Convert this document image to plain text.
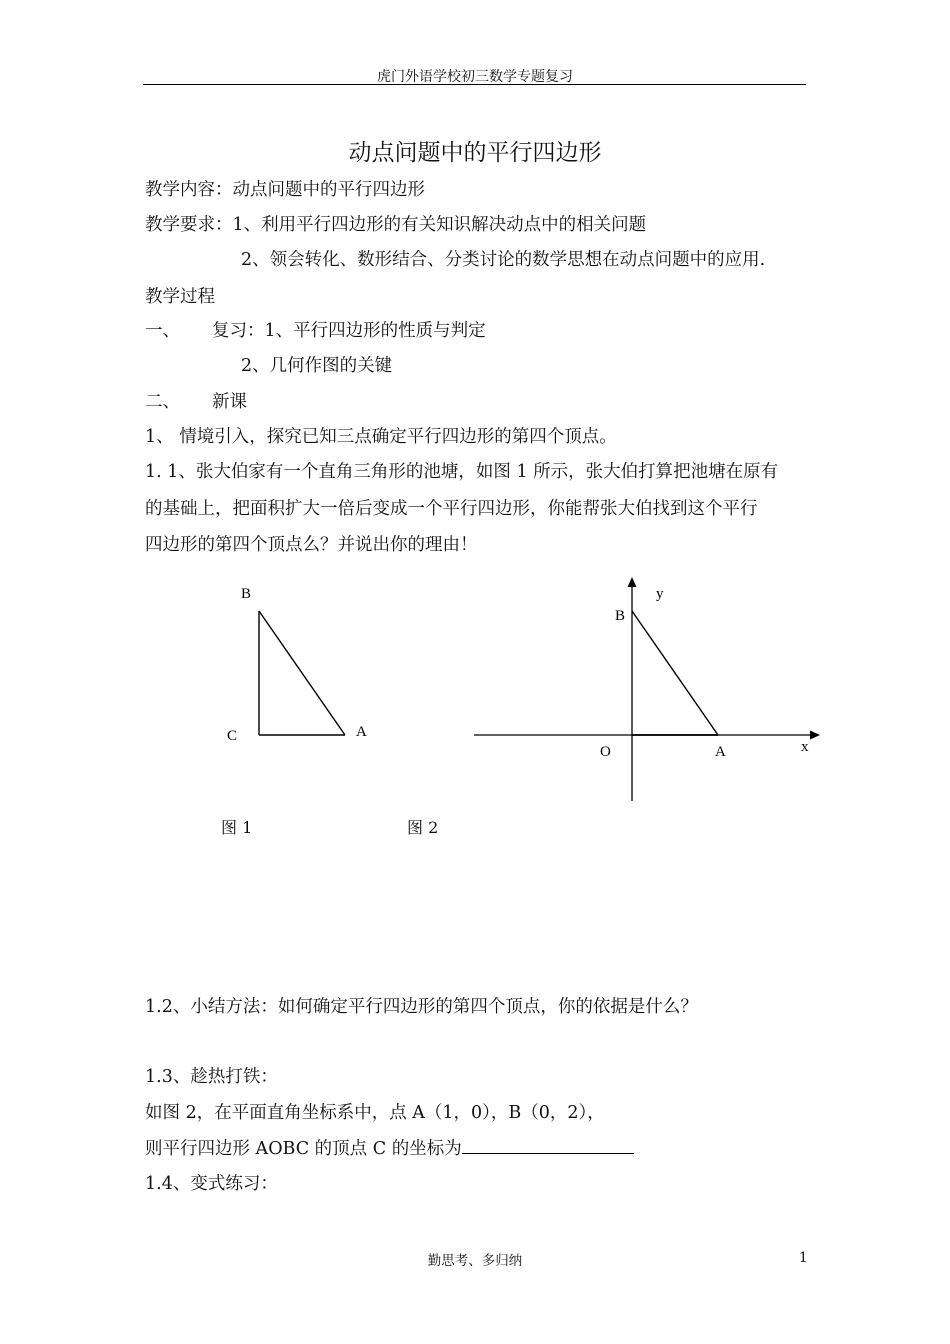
虎门外语学校初三数学专题复习
动点问题中的平行四边形
教学内容：动点问题中的平行四边形
教学要求：1、利用平行四边形的有关知识解决动点中的相关问题
2、领会转化、数形结合、分类讨论的数学思想在动点问题中的应用.
教学过程
一、 复习：1、平行四边形的性质与判定
2、几何作图的关键
二、 新课
1、 情境引入，探究已知三点确定平行四边形的第四个顶点。
1. 1、张大伯家有一个直角三角形的池塘，如图 1 所示，张大伯打算把池塘在原有
的基础上，把面积扩大一倍后变成一个平行四边形，你能帮张大伯找到这个平行
四边形的第四个顶点么？并说出你的理由！
B
C	A
B
y
O	A	x
图 1	图 2
1.2、小结方法：如何确定平行四边形的第四个顶点，你的依据是什么？
1.3、趁热打铁：
如图 2，在平面直角坐标系中，点 A（1，0），B（0，2），
则平行四边形 AOBC 的顶点 C 的坐标为
1.4、变式练习：
勤思考、多归纳	1
